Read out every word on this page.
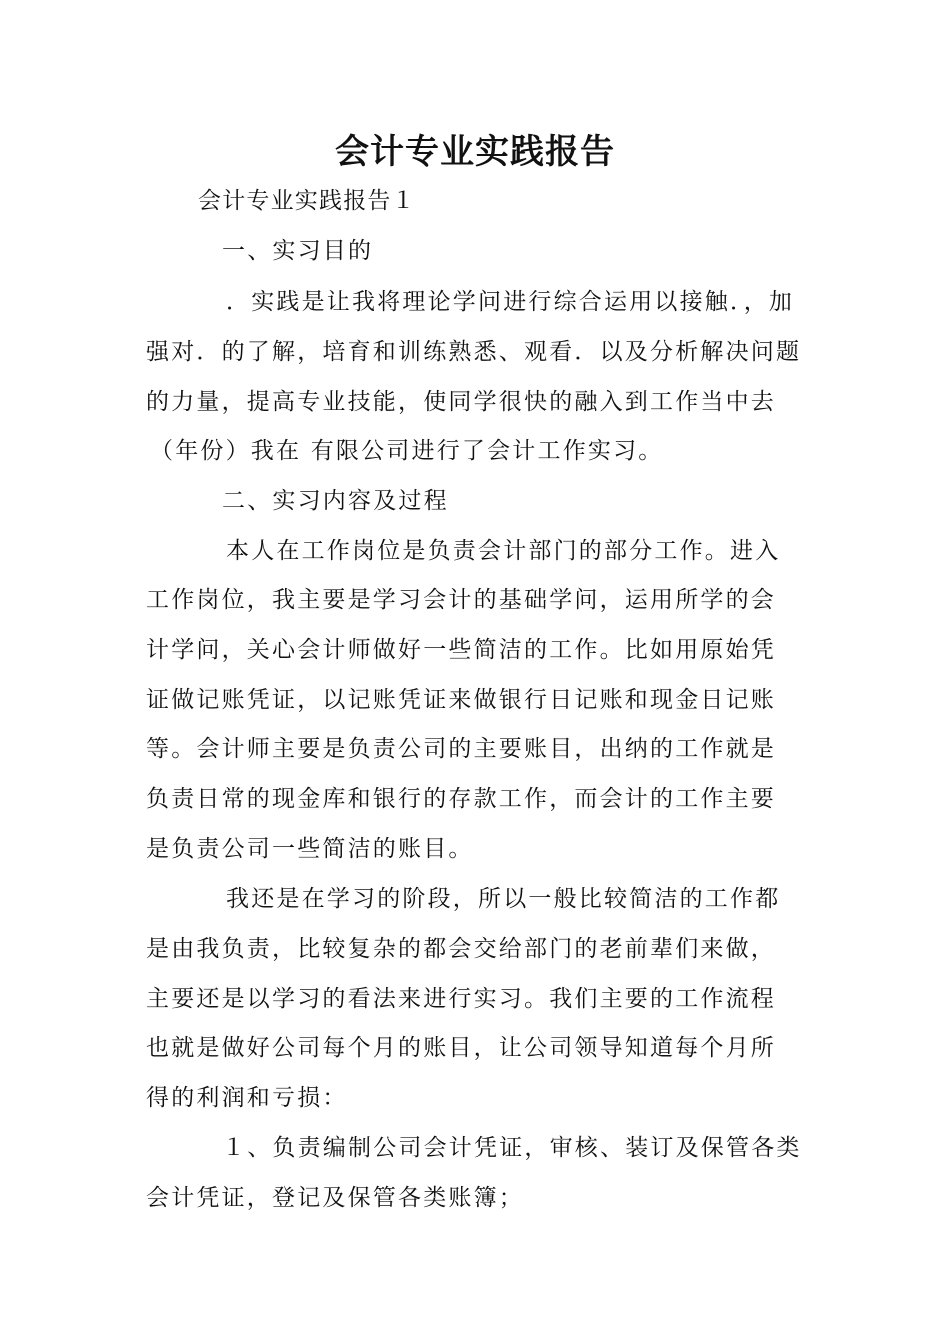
会计专业实践报告

会计专业实践报告１

一、实习目的

．实践是让我将理论学问进行综合运用以接触．，加

强对．的了解，培育和训练熟悉、观看．以及分析解决问题

的力量，提高专业技能，使同学很快的融入到工作当中去

（年份）我在 有限公司进行了会计工作实习。

二、实习内容及过程

本人在工作岗位是负责会计部门的部分工作。进入

工作岗位，我主要是学习会计的基础学问，运用所学的会

计学问，关心会计师做好一些简洁的工作。比如用原始凭

证做记账凭证，以记账凭证来做银行日记账和现金日记账

等。会计师主要是负责公司的主要账目，出纳的工作就是

负责日常的现金库和银行的存款工作，而会计的工作主要

是负责公司一些简洁的账目。

我还是在学习的阶段，所以一般比较简洁的工作都

是由我负责，比较复杂的都会交给部门的老前辈们来做，

主要还是以学习的看法来进行实习。我们主要的工作流程

也就是做好公司每个月的账目，让公司领导知道每个月所

得的利润和亏损：

１、负责编制公司会计凭证，审核、装订及保管各类

会计凭证，登记及保管各类账簿；
